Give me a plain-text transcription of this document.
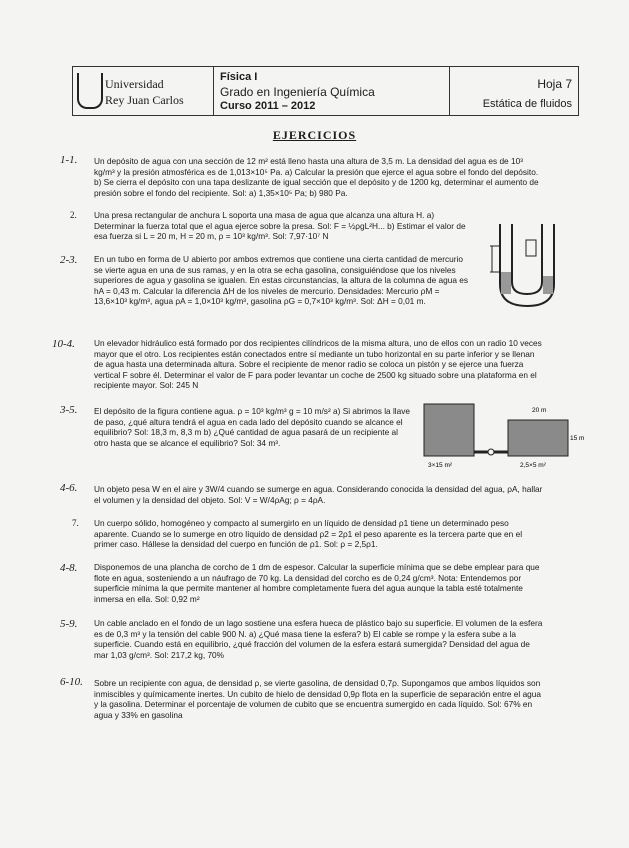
Universidad
Rey Juan Carlos
Física I
Grado en Ingeniería Química
Curso 2011 – 2012
Hoja 7
Estática de fluidos
EJERCICIOS
1-1. Un depósito de agua con una sección de 12 m² está lleno hasta una altura de 3,5 m. La densidad del agua es de 10³ kg/m³ y la presión atmosférica es de 1,013×10⁵ Pa. a) Calcular la presión que ejerce el agua sobre el fondo del depósito. b) Se cierra el depósito con una tapa deslizante de igual sección que el depósito y de 1200 kg, determinar el aumento de presión sobre el fondo del recipiente. Sol: a) 1,35×10⁵ Pa; b) 980 Pa.
2. Una presa rectangular de anchura L soporta una masa de agua que alcanza una altura H. a) Determinar la fuerza total que el agua ejerce sobre la presa. Sol: F = ½ρgL²H... b) Estimar el valor de esa fuerza si L = 20 m, H = 20 m, ρ = 10³ kg/m³. Sol: 7,97·10⁷ N
2-3. En un tubo en forma de U abierto por ambos extremos que contiene una cierta cantidad de mercurio se vierte agua en una de sus ramas, y en la otra se echa gasolina, consiguiéndose que los niveles superiores de agua y gasolina se igualen. En estas circunstancias, la altura de la columna de agua es hA = 0,43 m. Calcular la diferencia ΔH de los niveles de mercurio. Densidades: Mercurio ρM = 13,6×10³ kg/m³, agua ρA = 1,0×10³ kg/m³, gasolina ρG = 0,7×10³ kg/m³. Sol: ΔH = 0,01 m.
10-4. Un elevador hidráulico está formado por dos recipientes cilíndricos de la misma altura, uno de ellos con un radio 10 veces mayor que el otro. Los recipientes están conectados entre sí mediante un tubo horizontal en su parte inferior y se llenan de agua hasta una determinada altura. Sobre el recipiente de menor radio se coloca un pistón y se ejerce una fuerza vertical F sobre él. Determinar el valor de F para poder levantar un coche de 2500 kg situado sobre una plataforma en el recipiente mayor. Sol: 245 N
3-5. El depósito de la figura contiene agua. ρ = 10³ kg/m³ g = 10 m/s² a) Si abrimos la llave de paso, ¿qué altura tendrá el agua en cada lado del depósito cuando se alcance el equilibrio? Sol: 18,3 m, 8,3 m b) ¿Qué cantidad de agua pasará de un recipiente al otro hasta que se alcance el equilibrio? Sol: 34 m³.
3×15 m²	2,5×5 m²
20 m
15 m
4-6. Un objeto pesa W en el aire y 3W/4 cuando se sumerge en agua. Considerando conocida la densidad del agua, ρA, hallar el volumen y la densidad del objeto. Sol: V = W/4ρAg; ρ = 4ρA.
7. Un cuerpo sólido, homogéneo y compacto al sumergirlo en un líquido de densidad ρ1 tiene un determinado peso aparente. Cuando se lo sumerge en otro líquido de densidad ρ2 = 2ρ1 el peso aparente es la tercera parte que en el primer caso. Hállese la densidad del cuerpo en función de ρ1. Sol: ρ = 2,5ρ1.
4-8. Disponemos de una plancha de corcho de 1 dm de espesor. Calcular la superficie mínima que se debe emplear para que flote en agua, sosteniendo a un náufrago de 70 kg. La densidad del corcho es de 0,24 g/cm³. Nota: Entendemos por superficie mínima la que permite mantener al hombre completamente fuera del agua aunque la tabla esté totalmente inmersa en ella. Sol: 0,92 m²
5-9. Un cable anclado en el fondo de un lago sostiene una esfera hueca de plástico bajo su superficie. El volumen de la esfera es de 0,3 m³ y la tensión del cable 900 N. a) ¿Qué masa tiene la esfera? b) El cable se rompe y la esfera sube a la superficie. Cuando está en equilibrio, ¿qué fracción del volumen de la esfera estará sumergida? Densidad del agua de mar 1,03 g/cm³. Sol: 217,2 kg, 70%
6-10. Sobre un recipiente con agua, de densidad ρ, se vierte gasolina, de densidad 0,7ρ. Supongamos que ambos líquidos son inmiscibles y químicamente inertes. Un cubito de hielo de densidad 0,9ρ flota en la superficie de separación entre el agua y la gasolina. Determinar el porcentaje de volumen de cubito que se encuentra sumergido en cada líquido. Sol: 67% en agua y 33% en gasolina
